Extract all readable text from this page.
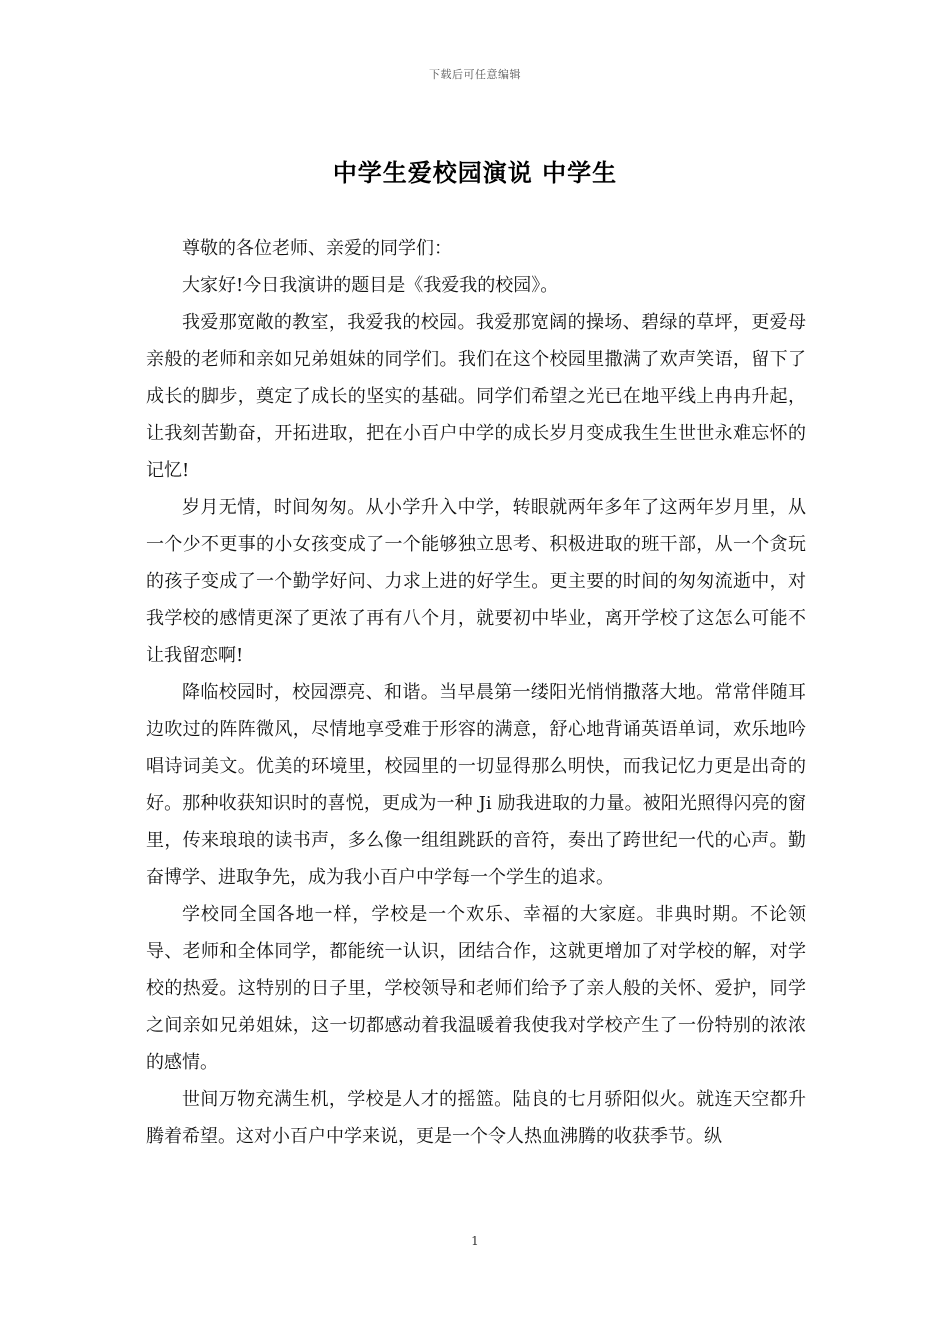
下载后可任意编辑
中学生爱校园演说 中学生

尊敬的各位老师、亲爱的同学们：

大家好!今日我演讲的题目是《我爱我的校园》。

我爱那宽敞的教室，我爱我的校园。我爱那宽阔的操场、碧绿的草坪，更爱母亲般的老师和亲如兄弟姐妹的同学们。我们在这个校园里撒满了欢声笑语，留下了成长的脚步，奠定了成长的坚实的基础。同学们希望之光已在地平线上冉冉升起，让我刻苦勤奋，开拓进取，把在小百户中学的成长岁月变成我生生世世永难忘怀的记忆!

岁月无情，时间匆匆。从小学升入中学，转眼就两年多年了这两年岁月里，从一个少不更事的小女孩变成了一个能够独立思考、积极进取的班干部，从一个贪玩的孩子变成了一个勤学好问、力求上进的好学生。更主要的时间的匆匆流逝中，对我学校的感情更深了更浓了再有八个月，就要初中毕业，离开学校了这怎么可能不让我留恋啊!

降临校园时，校园漂亮、和谐。当早晨第一缕阳光悄悄撒落大地。常常伴随耳边吹过的阵阵微风，尽情地享受难于形容的满意，舒心地背诵英语单词，欢乐地吟唱诗词美文。优美的环境里，校园里的一切显得那么明快，而我记忆力更是出奇的好。那种收获知识时的喜悦，更成为一种 Ji 励我进取的力量。被阳光照得闪亮的窗里，传来琅琅的读书声，多么像一组组跳跃的音符，奏出了跨世纪一代的心声。勤奋博学、进取争先，成为我小百户中学每一个学生的追求。

学校同全国各地一样，学校是一个欢乐、幸福的大家庭。非典时期。不论领导、老师和全体同学，都能统一认识，团结合作，这就更增加了对学校的解，对学校的热爱。这特别的日子里，学校领导和老师们给予了亲人般的关怀、爱护，同学之间亲如兄弟姐妹，这一切都感动着我温暖着我使我对学校产生了一份特别的浓浓的感情。

世间万物充满生机，学校是人才的摇篮。陆良的七月骄阳似火。就连天空都升腾着希望。这对小百户中学来说，更是一个令人热血沸腾的收获季节。纵

1
